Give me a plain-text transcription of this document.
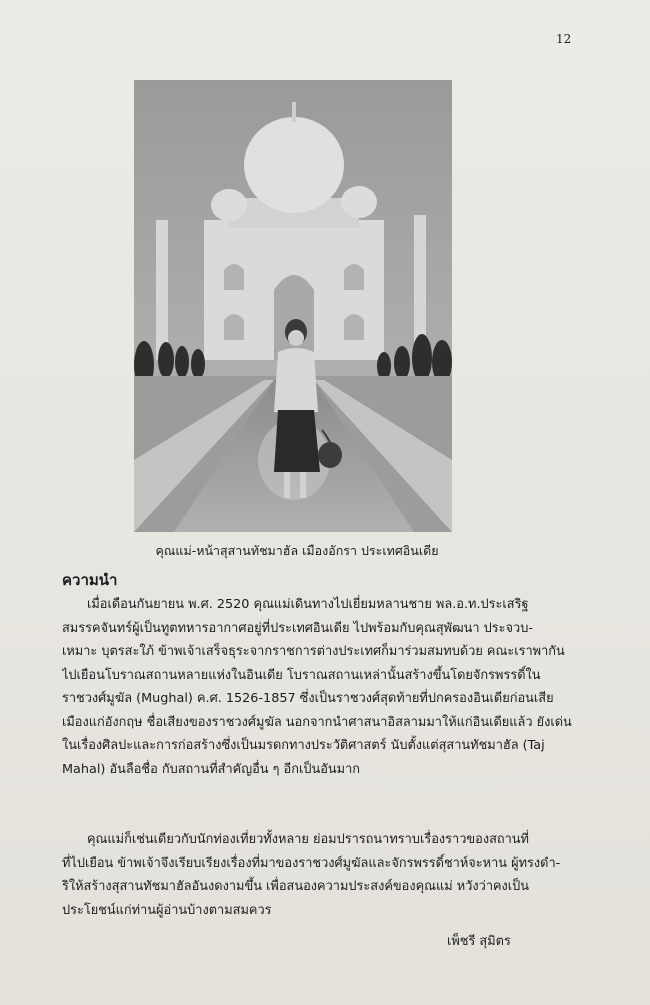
12
คุณแม่-หน้าสุสานทัชมาฮัล เมืองอักรา ประเทศอินเดีย
ความนำ
เมื่อเดือนกันยายน พ.ศ. 2520 คุณแม่เดินทางไปเยี่ยมหลานชาย พล.อ.ท.ประเสริฐ
สมรรคจันทร์ผู้เป็นทูตทหารอากาศอยู่ที่ประเทศอินเดีย ไปพร้อมกับคุณสุพัฒนา ประจวบ-
เหมาะ บุตรสะใภ้ ข้าพเจ้าเสร็จธุระจากราชการต่างประเทศก็มาร่วมสมทบด้วย คณะเราพากัน
ไปเยือนโบราณสถานหลายแห่งในอินเดีย โบราณสถานเหล่านั้นสร้างขึ้นโดยจักรพรรดิ์ใน
ราชวงศ์มูฆัล (Mughal) ค.ศ. 1526-1857 ซึ่งเป็นราชวงศ์สุดท้ายที่ปกครองอินเดียก่อนเสีย
เมืองแก่อังกฤษ ชื่อเสียงของราชวงศ์มูฆัล นอกจากนำศาสนาอิสลามมาให้แก่อินเดียแล้ว ยังเด่น
ในเรื่องศิลปะและการก่อสร้างซึ่งเป็นมรดกทางประวัติศาสตร์ นับตั้งแต่สุสานทัชมาฮัล (Taj
Mahal) อันลือชื่อ กับสถานที่สำคัญอื่น ๆ อีกเป็นอันมาก
คุณแม่ก็เช่นเดียวกับนักท่องเที่ยวทั้งหลาย ย่อมปรารถนาทราบเรื่องราวของสถานที่
ที่ไปเยือน ข้าพเจ้าจึงเรียบเรียงเรื่องที่มาของราชวงศ์มูฆัลและจักรพรรดิ์ชาห์จะหาน ผู้ทรงดำ-
ริให้สร้างสุสานทัชมาฮัลอันงดงามขึ้น เพื่อสนองความประสงค์ของคุณแม่ หวังว่าคงเป็น
ประโยชน์แก่ท่านผู้อ่านบ้างตามสมควร
เพ็ชรี สุมิตร
